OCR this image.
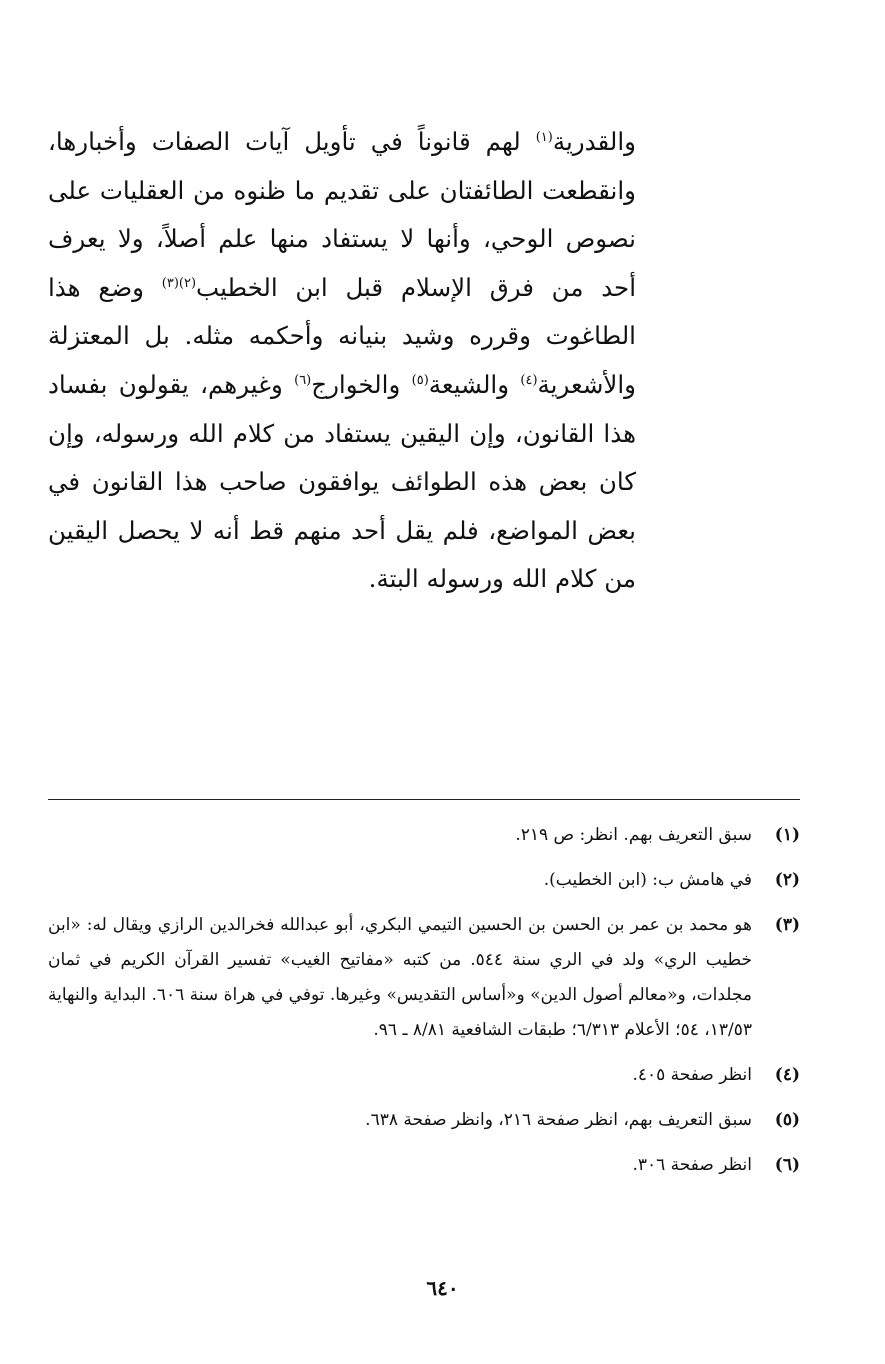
والقدرية$^{(١)}$ لهم قانوناً في تأويل آيات الصفات وأخبارها، وانقطعت الطائفتان على تقديم ما ظنوه من العقليات على نصوص الوحي، وأنها لا يستفاد منها علم أصلاً، ولا يعرف أحد من فرق الإسلام قبل ابن الخطيب$^{(٢)(٣)}$ وضع هذا الطاغوت وقرره وشيد بنيانه وأحكمه مثله. بل المعتزلة والأشعرية$^{(٤)}$ والشيعة$^{(٥)}$ والخوارج$^{(٦)}$ وغيرهم، يقولون بفساد هذا القانون، وإن اليقين يستفاد من كلام الله ورسوله، وإن كان بعض هذه الطوائف يوافقون صاحب هذا القانون في بعض المواضع، فلم يقل أحد منهم قط أنه لا يحصل اليقين من كلام الله ورسوله البتة.

(١)
سبق التعريف بهم. انظر: ص ٢١٩.
(٢)
في هامش ب: (ابن الخطيب).
(٣)
هو محمد بن عمر بن الحسن بن الحسين التيمي البكري، أبو عبدالله فخرالدين الرازي ويقال له: «ابن خطيب الري» ولد في الري سنة ٥٤٤. من كتبه «مفاتيح الغيب» تفسير القرآن الكريم في ثمان مجلدات، و«معالم أصول الدين» و«أساس التقديس» وغيرها. توفي في هراة سنة ٦٠٦. البداية والنهاية ١٣/٥٣، ٥٤؛ الأعلام ٦/٣١٣؛ طبقات الشافعية ٨/٨١ ـ ٩٦.
(٤)
انظر صفحة ٤٠٥.
(٥)
سبق التعريف بهم، انظر صفحة ٢١٦، وانظر صفحة ٦٣٨.
(٦)
انظر صفحة ٣٠٦.
٦٤٠
